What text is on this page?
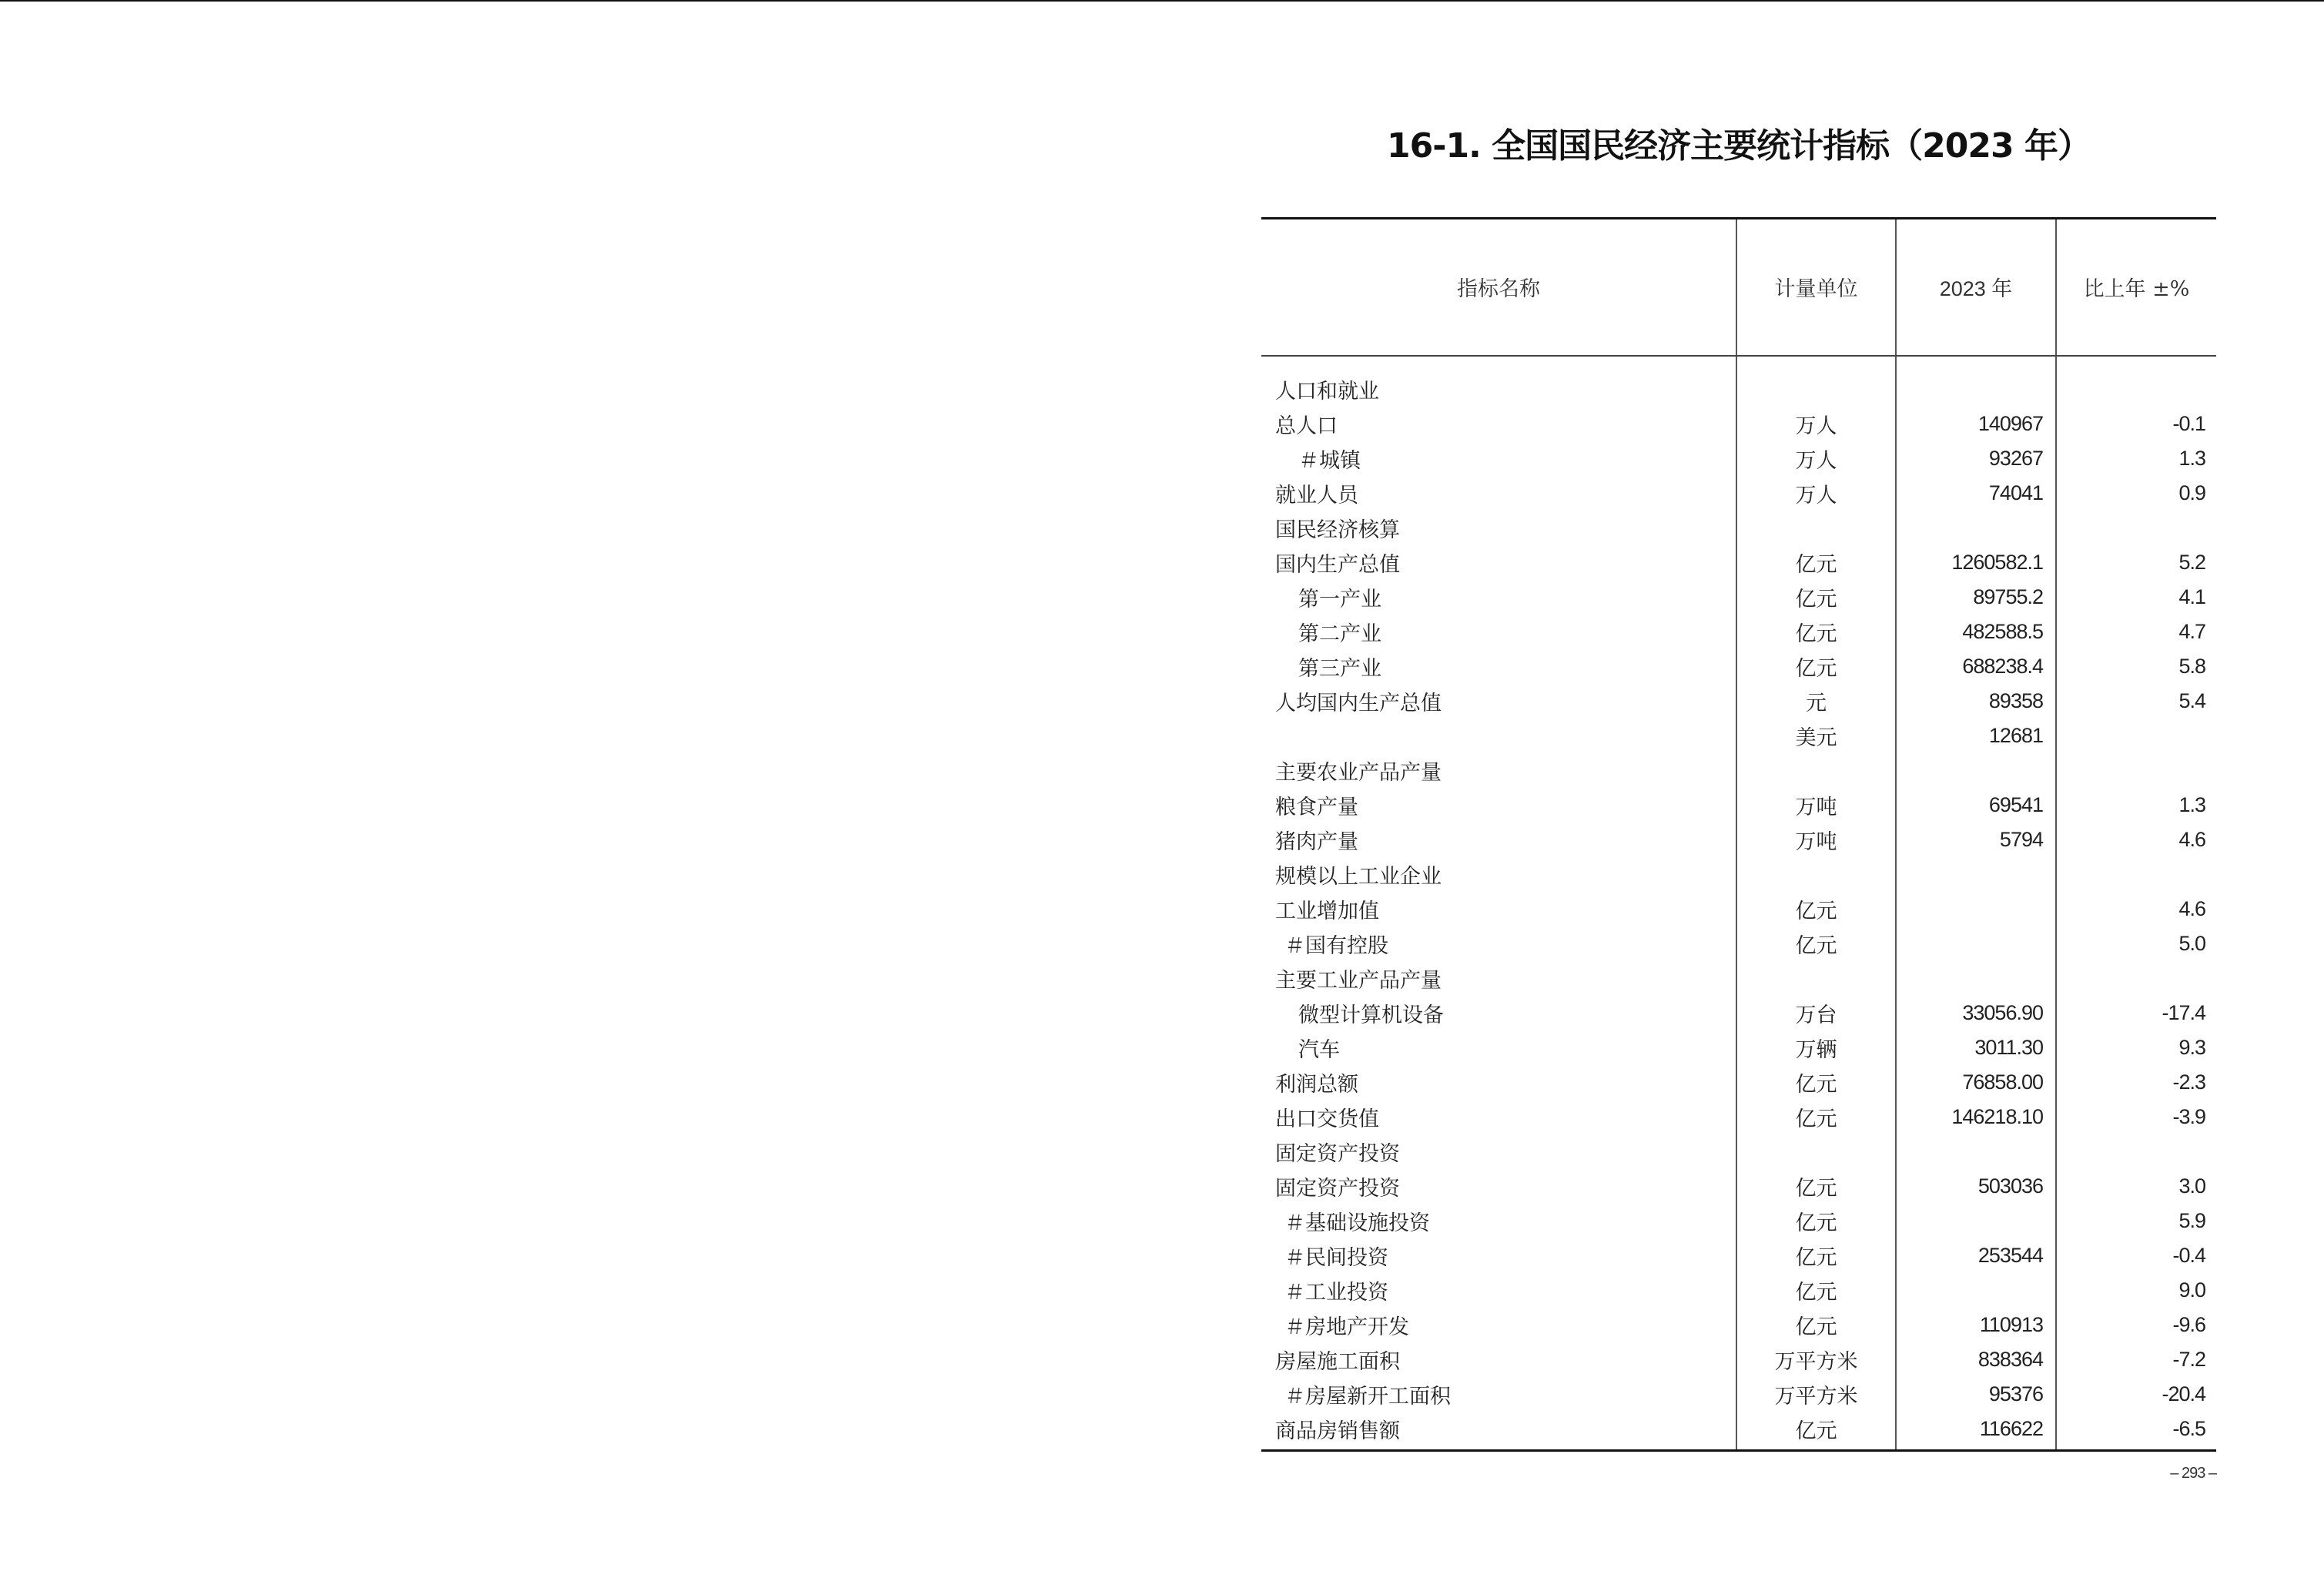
16-1. 全国国民经济主要统计指标（2023 年）
指标名称	计量单位	2023 年	比上年 ±%
人口和就业			
总人口	万人	140967	-0.1
＃城镇	万人	93267	1.3
就业人员	万人	74041	0.9
国民经济核算			
国内生产总值	亿元	1260582.1	5.2
第一产业	亿元	89755.2	4.1
第二产业	亿元	482588.5	4.7
第三产业	亿元	688238.4	5.8
人均国内生产总值	元	89358	5.4
	美元	12681	
主要农业产品产量			
粮食产量	万吨	69541	1.3
猪肉产量	万吨	5794	4.6
规模以上工业企业			
工业增加值	亿元		4.6
＃国有控股	亿元		5.0
主要工业产品产量			
微型计算机设备	万台	33056.90	-17.4
汽车	万辆	3011.30	9.3
利润总额	亿元	76858.00	-2.3
出口交货值	亿元	146218.10	-3.9
固定资产投资			
固定资产投资	亿元	503036	3.0
＃基础设施投资	亿元		5.9
＃民间投资	亿元	253544	-0.4
＃工业投资	亿元		9.0
＃房地产开发	亿元	110913	-9.6
房屋施工面积	万平方米	838364	-7.2
＃房屋新开工面积	万平方米	95376	-20.4
商品房销售额	亿元	116622	-6.5
– 293 –
